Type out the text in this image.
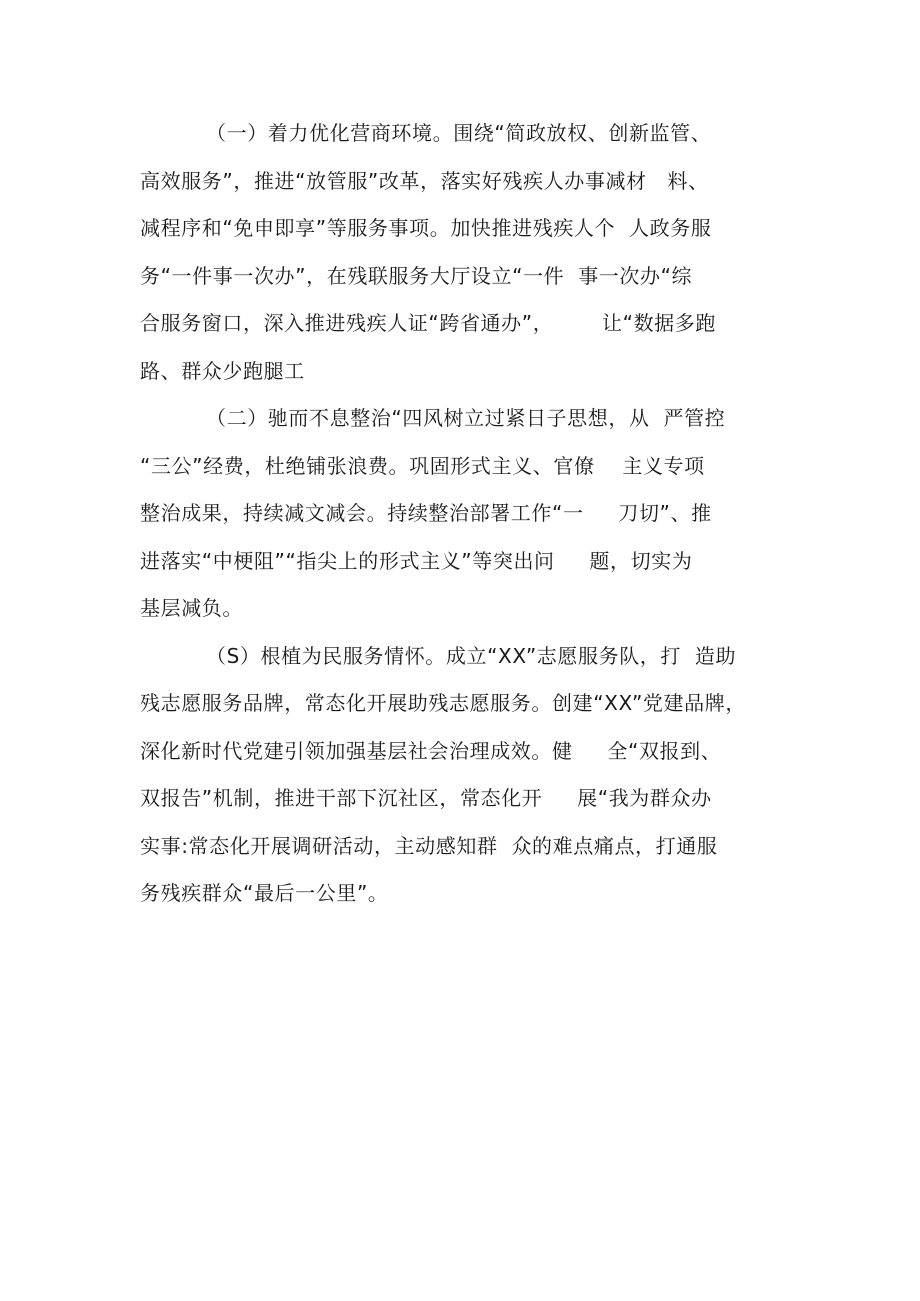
（一）着力优化营商环境。围绕“简政放权、创新监管、
高效服务”，推进“放管服”改革，落实好残疾人办事减材   料、
减程序和“免申即享”等服务事项。加快推进残疾人个  人政务服
务“一件事一次办”，在残联服务大厅设立“一件  事一次办“综
合服务窗口，深入推进残疾人证“跨省通办”，       让“数据多跑
路、群众少跑腿工

（二）驰而不息整治“四风树立过紧日子思想，从  严管控
“三公”经费，杜绝铺张浪费。巩固形式主义、官僚    主义专项
整治成果，持续减文减会。持续整治部署工作“一     刀切”、推
进落实“中梗阻”“指尖上的形式主义”等突出问     题，切实为
基层减负。

（S）根植为民服务情怀。成立“XX”志愿服务队，打  造助
残志愿服务品牌，常态化开展助残志愿服务。创建“XX”党建品牌，
深化新时代党建引领加强基层社会治理成效。健     全“双报到、
双报告”机制，推进干部下沉社区，常态化开     展“我为群众办
实事:常态化开展调研活动，主动感知群  众的难点痛点，打通服
务残疾群众“最后一公里”。
